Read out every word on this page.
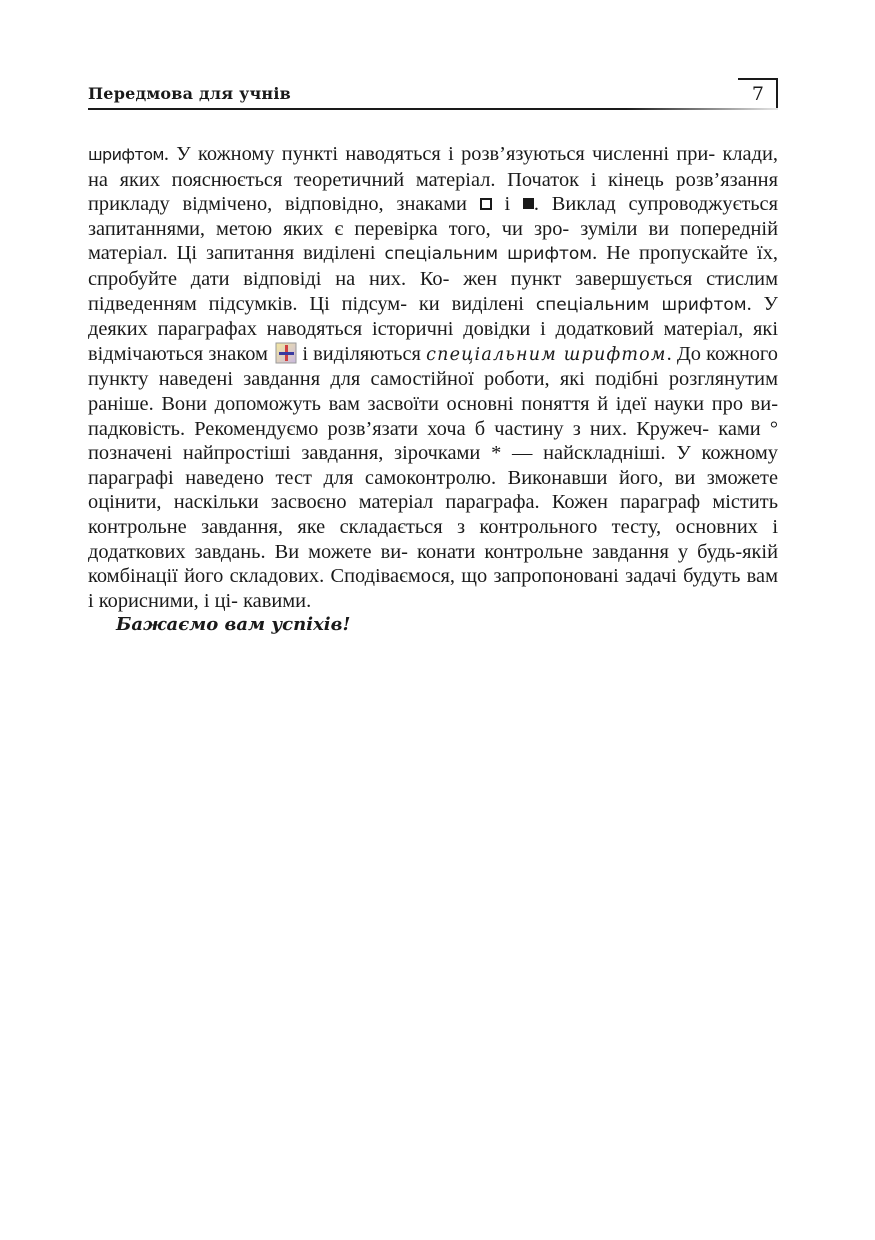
Передмова для учнів	7

шрифтом. У кожному пункті наводяться і розв’язуються численні при- клади, на яких пояснюється теоретичний матеріал. Початок і кінець розв’язання прикладу відмічено, відповідно, знаками  і . Виклад супроводжується запитаннями, метою яких є перевірка того, чи зро- зуміли ви попередній матеріал. Ці запитання виділені спеціальним шрифтом. Не пропускайте їх, спробуйте дати відповіді на них. Ко- жен пункт завершується стислим підведенням підсумків. Ці підсум- ки виділені спеціальним шрифтом. У деяких параграфах наводяться історичні довідки і додатковий матеріал, які відмічаються знаком  і виділяються спеціальним шрифтом. До кожного пункту наведені завдання для самостійної роботи, які подібні розглянутим раніше. Вони допоможуть вам засвоїти основні поняття й ідеї науки про ви- падковість. Рекомендуємо розв’язати хоча б частину з них. Кружеч- ками ° позначені найпростіші завдання, зірочками * — найскладніші. У кожному параграфі наведено тест для самоконтролю. Виконавши його, ви зможете оцінити, наскільки засвоєно матеріал параграфа. Кожен параграф містить контрольне завдання, яке складається з контрольного тесту, основних і додаткових завдань. Ви можете ви- конати контрольне завдання у будь-якій комбінації його складових. Сподіваємося, що запропоновані задачі будуть вам і корисними, і ці- кавими.

Бажаємо вам успіхів!
